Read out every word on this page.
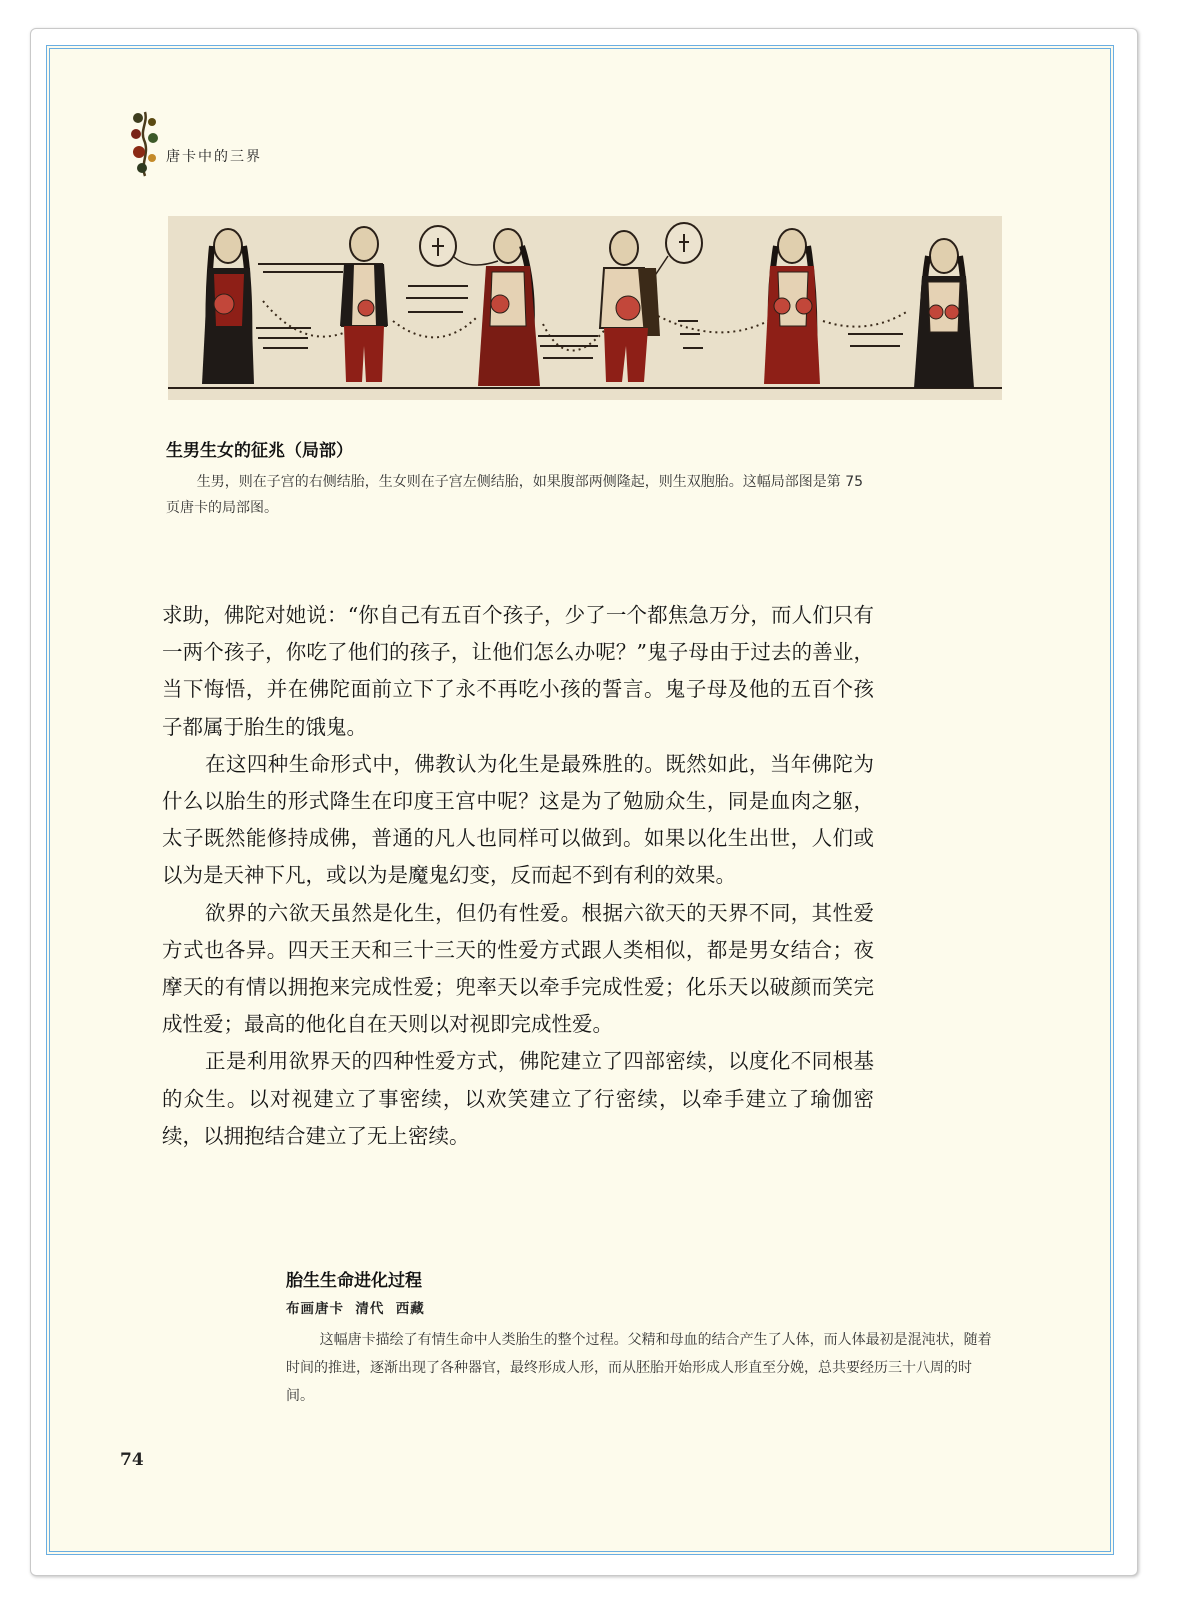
唐卡中的三界

生男生女的征兆（局部）

生男，则在子宫的右侧结胎，生女则在子宫左侧结胎，如果腹部两侧隆起，则生双胞胎。这幅局部图是第 75 页唐卡的局部图。

求助，佛陀对她说：“你自己有五百个孩子，少了一个都焦急万分，而人们只有一两个孩子，你吃了他们的孩子，让他们怎么办呢？”鬼子母由于过去的善业，当下悔悟，并在佛陀面前立下了永不再吃小孩的誓言。鬼子母及他的五百个孩子都属于胎生的饿鬼。

在这四种生命形式中，佛教认为化生是最殊胜的。既然如此，当年佛陀为什么以胎生的形式降生在印度王宫中呢？这是为了勉励众生，同是血肉之躯，太子既然能修持成佛，普通的凡人也同样可以做到。如果以化生出世，人们或以为是天神下凡，或以为是魔鬼幻变，反而起不到有利的效果。

欲界的六欲天虽然是化生，但仍有性爱。根据六欲天的天界不同，其性爱方式也各异。四天王天和三十三天的性爱方式跟人类相似，都是男女结合；夜摩天的有情以拥抱来完成性爱；兜率天以牵手完成性爱；化乐天以破颜而笑完成性爱；最高的他化自在天则以对视即完成性爱。

正是利用欲界天的四种性爱方式，佛陀建立了四部密续，以度化不同根基的众生。以对视建立了事密续，以欢笑建立了行密续，以牵手建立了瑜伽密续，以拥抱结合建立了无上密续。

胎生生命进化过程

布画唐卡  清代  西藏

这幅唐卡描绘了有情生命中人类胎生的整个过程。父精和母血的结合产生了人体，而人体最初是混沌状，随着时间的推进，逐渐出现了各种器官，最终形成人形，而从胚胎开始形成人形直至分娩，总共要经历三十八周的时间。

74
